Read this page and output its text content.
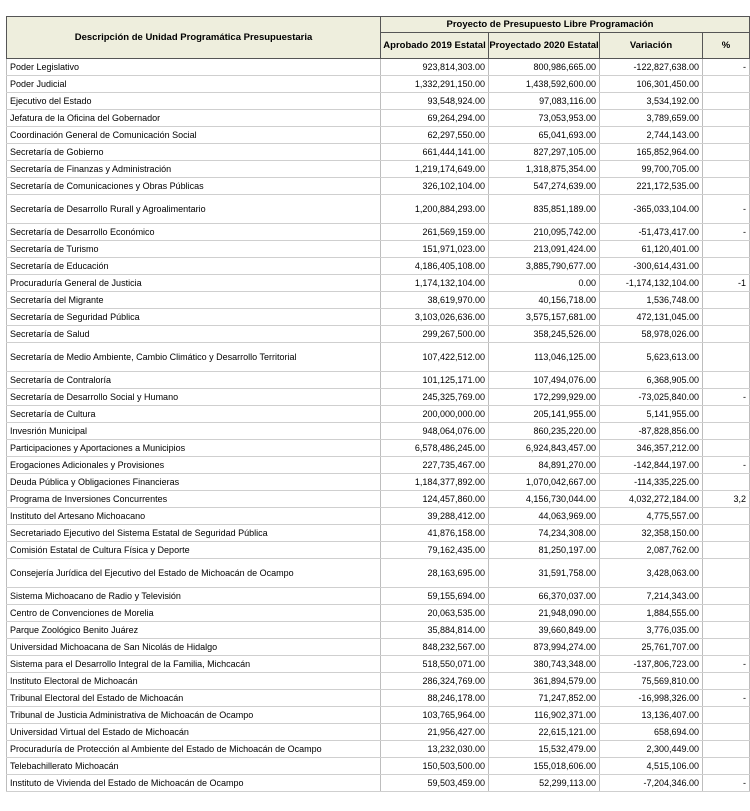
Descripción de Unidad Programática Presupuestaria
Proyecto de Presupuesto Libre Programación
Aprobado 2019 Estatal Proyectado 2020 Estatal	Variación	%
Poder Legislativo	923,814,303.00	800,986,665.00	-122,827,638.00	-
Poder Judicial	1,332,291,150.00	1,438,592,600.00	106,301,450.00
Ejecutivo del Estado	93,548,924.00	97,083,116.00	3,534,192.00
Jefatura de la Oficina del Gobernador	69,264,294.00	73,053,953.00	3,789,659.00
Coordinación General de Comunicación Social	62,297,550.00	65,041,693.00	2,744,143.00
Secretaría de Gobierno	661,444,141.00	827,297,105.00	165,852,964.00
Secretaría de Finanzas y Administración	1,219,174,649.00	1,318,875,354.00	99,700,705.00
Secretaría de Comunicaciones y Obras Públicas	326,102,104.00	547,274,639.00	221,172,535.00
Secretaría de Desarrollo Rurall y Agroalimentario	1,200,884,293.00	835,851,189.00	-365,033,104.00	-
Secretaría de Desarrollo Económico	261,569,159.00	210,095,742.00	-51,473,417.00	-
Secretaría de Turismo	151,971,023.00	213,091,424.00	61,120,401.00
Secretaría de Educación	4,186,405,108.00	3,885,790,677.00	-300,614,431.00
Procuraduría General de Justicia	1,174,132,104.00	0.00	-1,174,132,104.00	-1
Secretaría del Migrante	38,619,970.00	40,156,718.00	1,536,748.00
Secretaría de Seguridad Pública	3,103,026,636.00	3,575,157,681.00	472,131,045.00
Secretaría de Salud	299,267,500.00	358,245,526.00	58,978,026.00
Secretaría de Medio Ambiente, Cambio Climático y Desarrollo Territorial	107,422,512.00	113,046,125.00	5,623,613.00
Secretaría de Contraloría	101,125,171.00	107,494,076.00	6,368,905.00
Secretaría de Desarrollo Social y Humano	245,325,769.00	172,299,929.00	-73,025,840.00	-
Secretaría de Cultura	200,000,000.00	205,141,955.00	5,141,955.00
Invesrión Municipal	948,064,076.00	860,235,220.00	-87,828,856.00
Participaciones y Aportaciones a Municipios	6,578,486,245.00	6,924,843,457.00	346,357,212.00
Erogaciones Adicionales y Provisiones	227,735,467.00	84,891,270.00	-142,844,197.00	-
Deuda Pública y Obligaciones Financieras	1,184,377,892.00	1,070,042,667.00	-114,335,225.00
Programa de Inversiones Concurrentes	124,457,860.00	4,156,730,044.00	4,032,272,184.00	3,2
Instituto del Artesano Michoacano	39,288,412.00	44,063,969.00	4,775,557.00
Secretariado Ejecutivo del Sistema Estatal de Seguridad Pública	41,876,158.00	74,234,308.00	32,358,150.00
Comisión Estatal de Cultura Física y Deporte	79,162,435.00	81,250,197.00	2,087,762.00
Consejería Jurídica del Ejecutivo del Estado de Michoacán de Ocampo	28,163,695.00	31,591,758.00	3,428,063.00
Sistema Michoacano de Radio y Televisión	59,155,694.00	66,370,037.00	7,214,343.00
Centro de Convenciones de Morelia	20,063,535.00	21,948,090.00	1,884,555.00
Parque Zoológico Benito Juárez	35,884,814.00	39,660,849.00	3,776,035.00
Universidad Michoacana de San Nicolás de Hidalgo	848,232,567.00	873,994,274.00	25,761,707.00
Sistema para el Desarrollo Integral de la Familia, Michcacán	518,550,071.00	380,743,348.00	-137,806,723.00	-
Instituto Electoral de Michoacán	286,324,769.00	361,894,579.00	75,569,810.00
Tribunal Electoral del Estado de Michoacán	88,246,178.00	71,247,852.00	-16,998,326.00	-
Tribunal de Justicia Administrativa de Michoacán de Ocampo	103,765,964.00	116,902,371.00	13,136,407.00
Universidad Virtual del Estado de Michoacán	21,956,427.00	22,615,121.00	658,694.00
Procuraduría de Protección al Ambiente del Estado de Michoacán de Ocampo	13,232,030.00	15,532,479.00	2,300,449.00
Telebachillerato Michoacán	150,503,500.00	155,018,606.00	4,515,106.00
Instituto de Vivienda del Estado de Michoacán de Ocampo	59,503,459.00	52,299,113.00	-7,204,346.00	-
